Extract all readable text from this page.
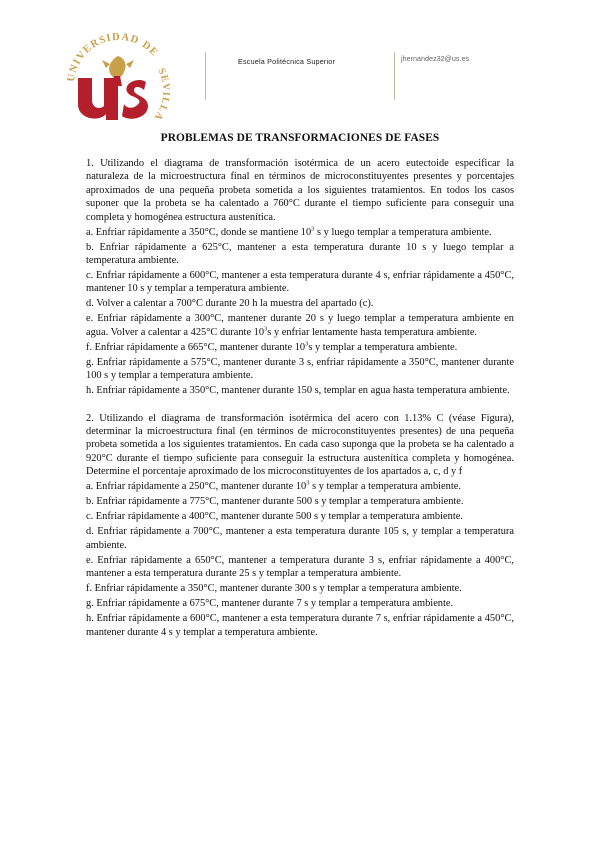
UNIVERSIDAD DE
SEVILLA
Escuela Politécnica Superior	jhernandez32@us.es
PROBLEMAS DE TRANSFORMACIONES DE FASES

1. Utilizando el diagrama de transformación isotérmica de un acero eutectoide especificar la naturaleza de la microestructura final en términos de microconstituyentes presentes y porcentajes aproximados de una pequeña probeta sometida a los siguientes tratamientos. En todos los casos suponer que la probeta se ha calentado a 760°C durante el tiempo suficiente para conseguir una completa y homogénea estructura austenítica.

a. Enfriar rápidamente a 350°C, donde se mantiene $10^3$ s y luego templar a temperatura ambiente.

b. Enfriar rápidamente a 625°C, mantener a esta temperatura durante 10 s y luego templar a temperatura ambiente.

c. Enfriar rápidamente a 600°C, mantener a esta temperatura durante 4 s, enfriar rápidamente a 450°C, mantener 10 s y templar a temperatura ambiente.

d. Volver a calentar a 700°C durante 20 h la muestra del apartado (c).

e. Enfriar rápidamente a 300°C, mantener durante 20 s y luego templar a temperatura ambiente en agua. Volver a calentar a 425°C durante $10^3s$ y enfriar lentamente hasta temperatura ambiente.

f. Enfriar rápidamente a 665°C, mantener durante $10^3s$ y templar a temperatura ambiente.

g. Enfriar rápidamente a 575°C, mantener durante 3 s, enfriar rápidamente a 350°C, mantener durante 100 s y templar a temperatura ambiente.

h. Enfriar rápidamente a 350°C, mantener durante 150 s, templar en agua hasta temperatura ambiente.

2. Utilizando el diagrama de transformación isotérmica del acero con 1.13% C (véase Figura), determinar la microestructura final (en términos de microconstituyentes presentes) de una pequeña probeta sometida a los siguientes tratamientos. En cada caso suponga que la probeta se ha calentado a 920°C durante el tiempo suficiente para conseguir la estructura austenítica completa y homogénea. Determine el porcentaje aproximado de los microconstituyentes de los apartados a, c, d y f

a. Enfriar rápidamente a 250°C, mantener durante $10^3$ s y templar a temperatura ambiente.

b. Enfriar rápidamente a 775°C, mantener durante 500 s y templar a temperatura ambiente.

c. Enfriar rápidamente a 400°C, mantener durante 500 s y templar a temperatura ambiente.

d. Enfriar rápidamente a 700°C, mantener a esta temperatura durante 105 s, y templar a temperatura ambiente.

e. Enfriar rápidamente a 650°C, mantener a temperatura durante 3 s, enfriar rápidamente a 400°C, mantener a esta temperatura durante 25 s y templar a temperatura ambiente.

f. Enfriar rápidamente a 350°C, mantener durante 300 s y templar a temperatura ambiente.

g. Enfriar rápidamente a 675°C, mantener durante 7 s y templar a temperatura ambiente.

h. Enfriar rápidamente a 600°C, mantener a esta temperatura durante 7 s, enfriar rápidamente a 450°C, mantener durante 4 s y templar a temperatura ambiente.
